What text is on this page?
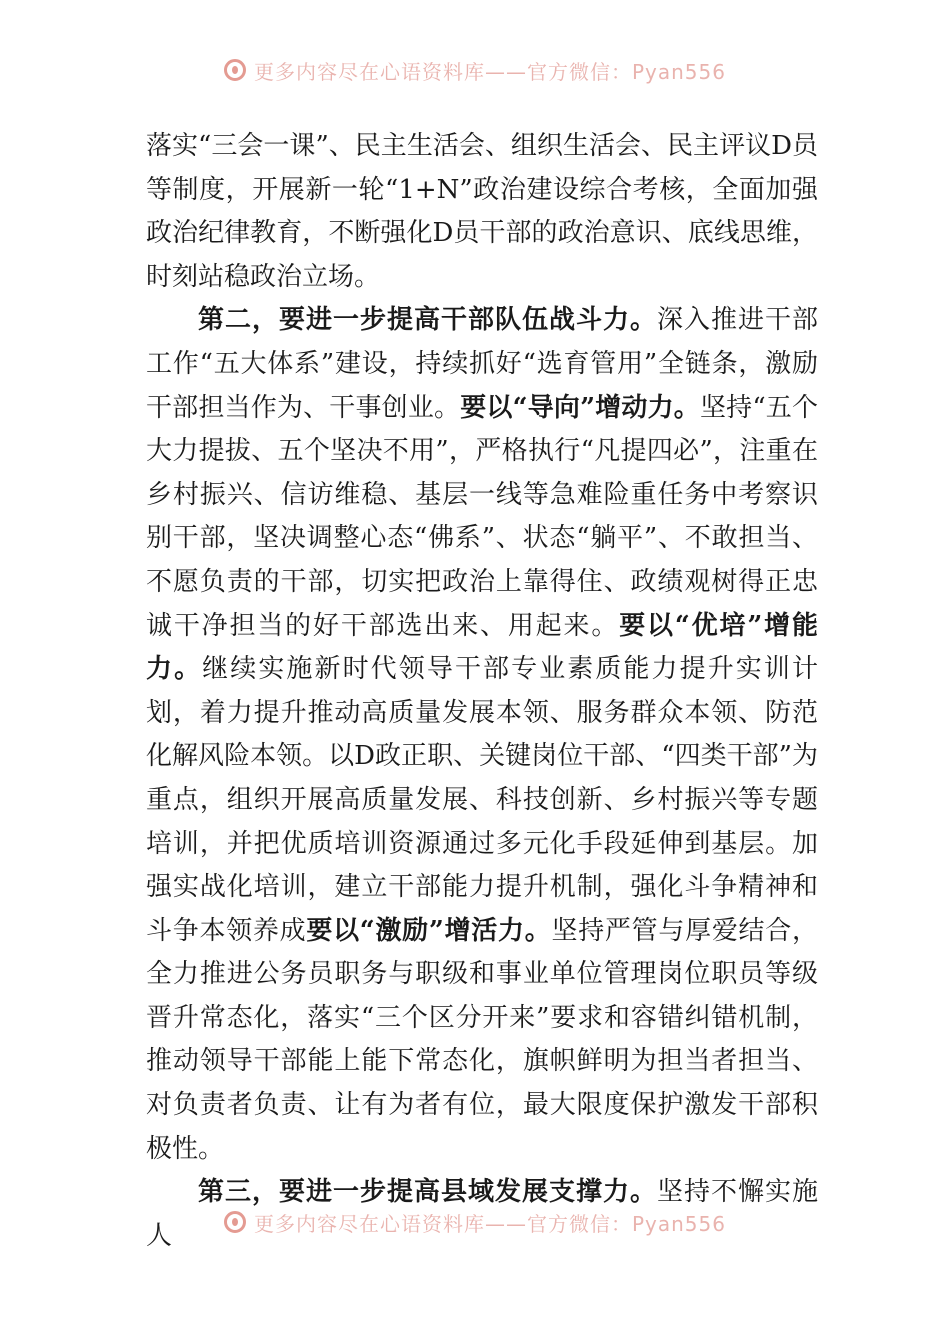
更多内容尽在心语资料库——官方微信：Pyan556

落实“三会一课”、民主生活会、组织生活会、民主评议D员等制度，开展新一轮“1+N”政治建设综合考核，全面加强政治纪律教育，不断强化D员干部的政治意识、底线思维，时刻站稳政治立场。

第二，要进一步提高干部队伍战斗力。深入推进干部工作“五大体系”建设，持续抓好“选育管用”全链条，激励干部担当作为、干事创业。要以“导向”增动力。坚持“五个大力提拔、五个坚决不用”，严格执行“凡提四必”，注重在乡村振兴、信访维稳、基层一线等急难险重任务中考察识别干部，坚决调整心态“佛系”、状态“躺平”、不敢担当、不愿负责的干部，切实把政治上靠得住、政绩观树得正忠诚干净担当的好干部选出来、用起来。要以“优培”增能力。继续实施新时代领导干部专业素质能力提升实训计划，着力提升推动高质量发展本领、服务群众本领、防范化解风险本领。以D政正职、关键岗位干部、“四类干部”为重点，组织开展高质量发展、科技创新、乡村振兴等专题培训，并把优质培训资源通过多元化手段延伸到基层。加强实战化培训，建立干部能力提升机制，强化斗争精神和斗争本领养成要以“激励”增活力。坚持严管与厚爱结合，全力推进公务员职务与职级和事业单位管理岗位职员等级晋升常态化，落实“三个区分开来”要求和容错纠错机制，推动领导干部能上能下常态化，旗帜鲜明为担当者担当、对负责者负责、让有为者有位，最大限度保护激发干部积极性。

第三，要进一步提高县域发展支撑力。坚持不懈实施人	更多内容尽在心语资料库——官方微信：Pyan556
